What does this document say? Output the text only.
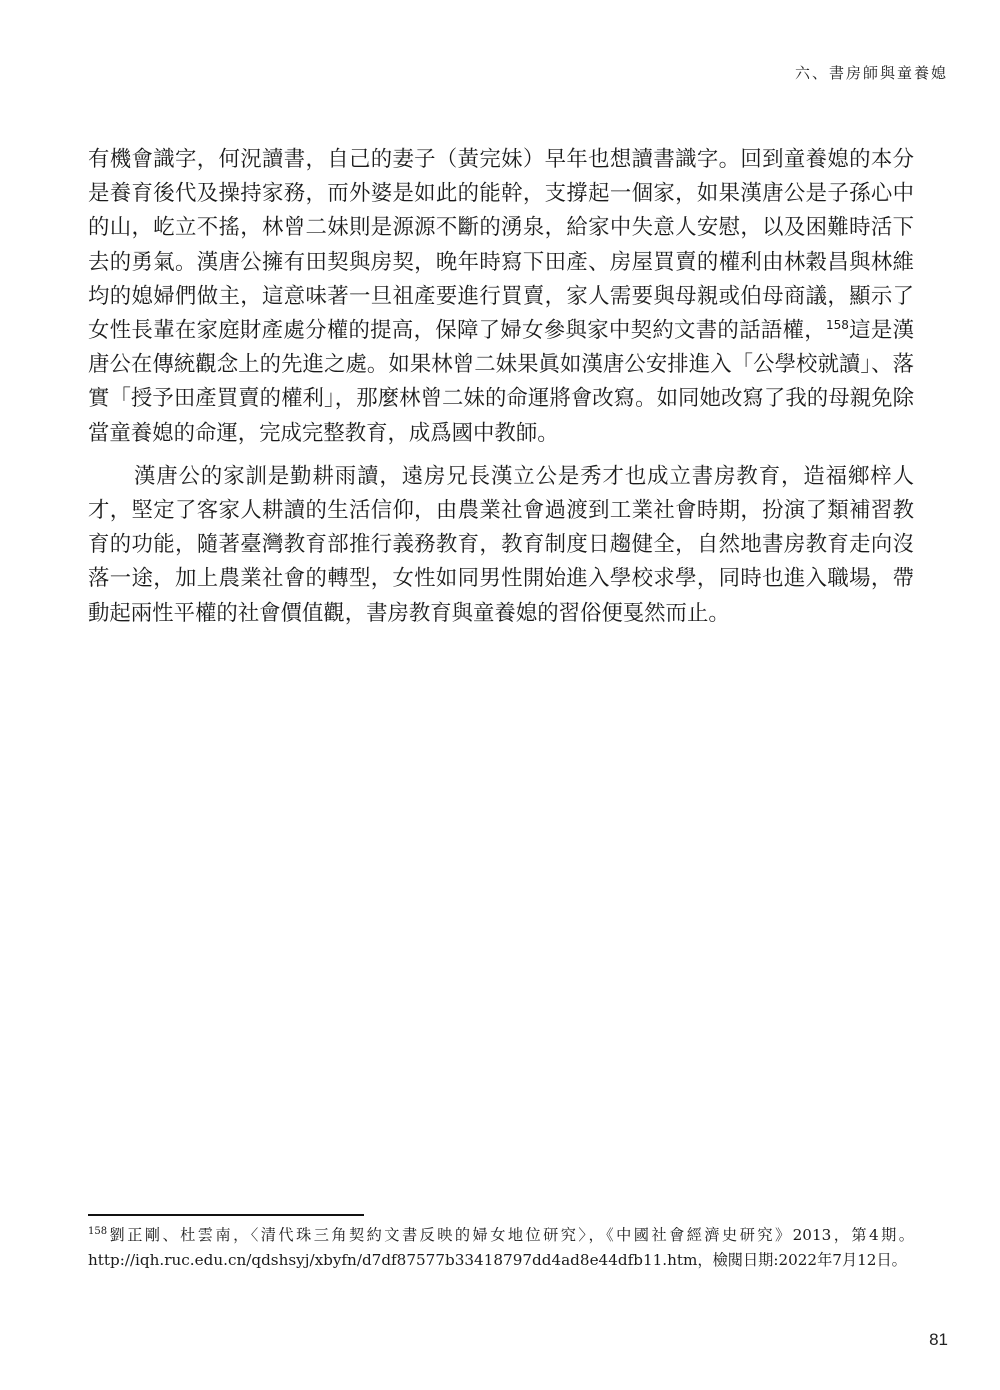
六、書房師與童養媳

有機會識字，何況讀書，自己的妻子（黃完妹）早年也想讀書識字。回到童養媳的本分是養育後代及操持家務，而外婆是如此的能幹，支撐起一個家，如果漢唐公是子孫心中的山，屹立不搖，林曾二妹則是源源不斷的湧泉，給家中失意人安慰，以及困難時活下去的勇氣。漢唐公擁有田契與房契，晚年時寫下田產、房屋買賣的權利由林穀昌與林維均的媳婦們做主，這意味著一旦祖產要進行買賣，家人需要與母親或伯母商議，顯示了女性長輩在家庭財產處分權的提高，保障了婦女參與家中契約文書的話語權，$^{158}$這是漢唐公在傳統觀念上的先進之處。如果林曾二妹果眞如漢唐公安排進入「公學校就讀」、落實「授予田產買賣的權利」，那麼林曾二妹的命運將會改寫。如同她改寫了我的母親免除當童養媳的命運，完成完整教育，成爲國中教師。

漢唐公的家訓是勤耕雨讀，遠房兄長漢立公是秀才也成立書房教育，造福鄉梓人才，堅定了客家人耕讀的生活信仰，由農業社會過渡到工業社會時期，扮演了類補習教育的功能，隨著臺灣教育部推行義務教育，教育制度日趨健全，自然地書房教育走向沒落一途，加上農業社會的轉型，女性如同男性開始進入學校求學，同時也進入職場，帶動起兩性平權的社會價值觀，書房教育與童養媳的習俗便戛然而止。

$^{158}$劉正剛、杜雲南，〈清代珠三角契約文書反映的婦女地位研究〉，《中國社會經濟史研究》2013，第4期。http://iqh.ruc.edu.cn/qdshsyj/xbyfn/d7df87577b33418797dd4ad8e44dfb11.htm，檢閱日期:2022年7月12日。
81
